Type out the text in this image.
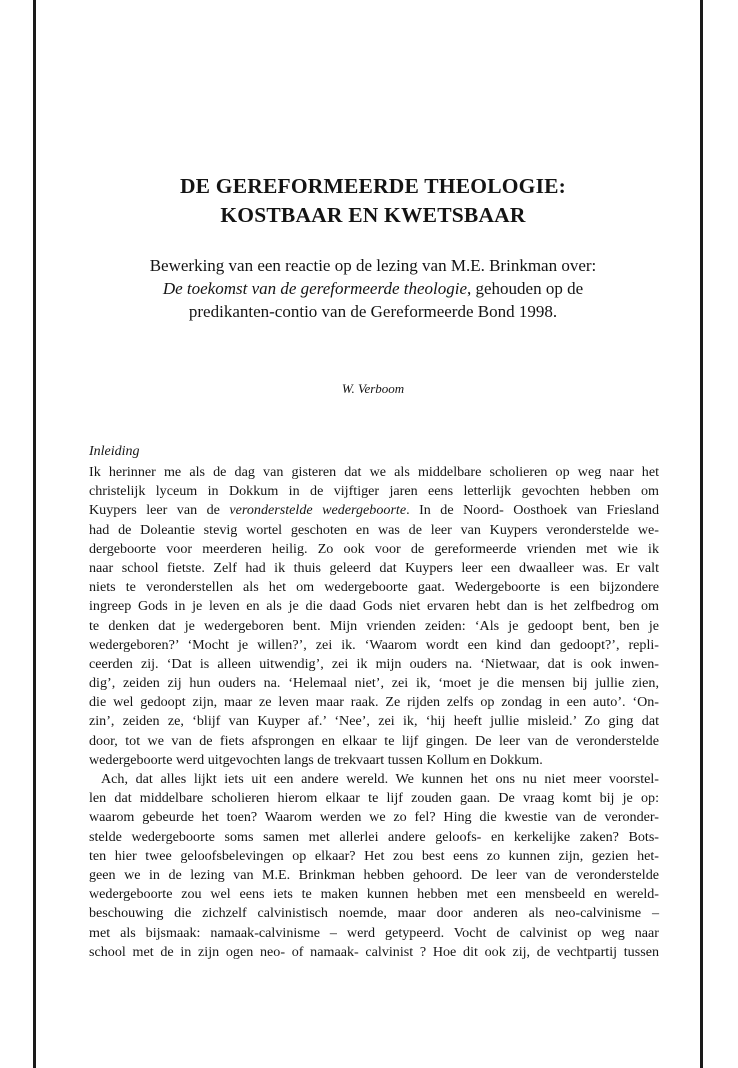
DE GEREFORMEERDE THEOLOGIE:
KOSTBAAR EN KWETSBAAR
Bewerking van een reactie op de lezing van M.E. Brinkman over:
De toekomst van de gereformeerde theologie, gehouden op de
predikanten-contio van de Gereformeerde Bond 1998.
W. Verboom
Inleiding
Ik herinner me als de dag van gisteren dat we als middelbare scholieren op weg naar het
christelijk lyceum in Dokkum in de vijftiger jaren eens letterlijk gevochten hebben om
Kuypers leer van de veronderstelde wedergeboorte. In de Noord- Oosthoek van Friesland
had de Doleantie stevig wortel geschoten en was de leer van Kuypers veronderstelde we-
dergeboorte voor meerderen heilig. Zo ook voor de gereformeerde vrienden met wie ik
naar school fietste. Zelf had ik thuis geleerd dat Kuypers leer een dwaalleer was. Er valt
niets te veronderstellen als het om wedergeboorte gaat. Wedergeboorte is een bijzondere
ingreep Gods in je leven en als je die daad Gods niet ervaren hebt dan is het zelfbedrog om
te denken dat je wedergeboren bent. Mijn vrienden zeiden: ‘Als je gedoopt bent, ben je
wedergeboren?’ ‘Mocht je willen?’, zei ik. ‘Waarom wordt een kind dan gedoopt?’, repli-
ceerden zij. ‘Dat is alleen uitwendig’, zei ik mijn ouders na. ‘Nietwaar, dat is ook inwen-
dig’, zeiden zij hun ouders na. ‘Helemaal niet’, zei ik, ‘moet je die mensen bij jullie zien,
die wel gedoopt zijn, maar ze leven maar raak. Ze rijden zelfs op zondag in een auto’. ‘On-
zin’, zeiden ze, ‘blijf van Kuyper af.’ ‘Nee’, zei ik, ‘hij heeft jullie misleid.’ Zo ging dat
door, tot we van de fiets afsprongen en elkaar te lijf gingen. De leer van de veronderstelde
wedergeboorte werd uitgevochten langs de trekvaart tussen Kollum en Dokkum.
Ach, dat alles lijkt iets uit een andere wereld. We kunnen het ons nu niet meer voorstel-
len dat middelbare scholieren hierom elkaar te lijf zouden gaan. De vraag komt bij je op:
waarom gebeurde het toen? Waarom werden we zo fel? Hing die kwestie van de veronder-
stelde wedergeboorte soms samen met allerlei andere geloofs- en kerkelijke zaken? Bots-
ten hier twee geloofsbelevingen op elkaar? Het zou best eens zo kunnen zijn, gezien het-
geen we in de lezing van M.E. Brinkman hebben gehoord. De leer van de veronderstelde
wedergeboorte zou wel eens iets te maken kunnen hebben met een mensbeeld en wereld-
beschouwing die zichzelf calvinistisch noemde, maar door anderen als neo-calvinisme –
met als bijsmaak: namaak-calvinisme – werd getypeerd. Vocht de calvinist op weg naar
school met de in zijn ogen neo- of namaak- calvinist ? Hoe dit ook zij, de vechtpartij tussen
